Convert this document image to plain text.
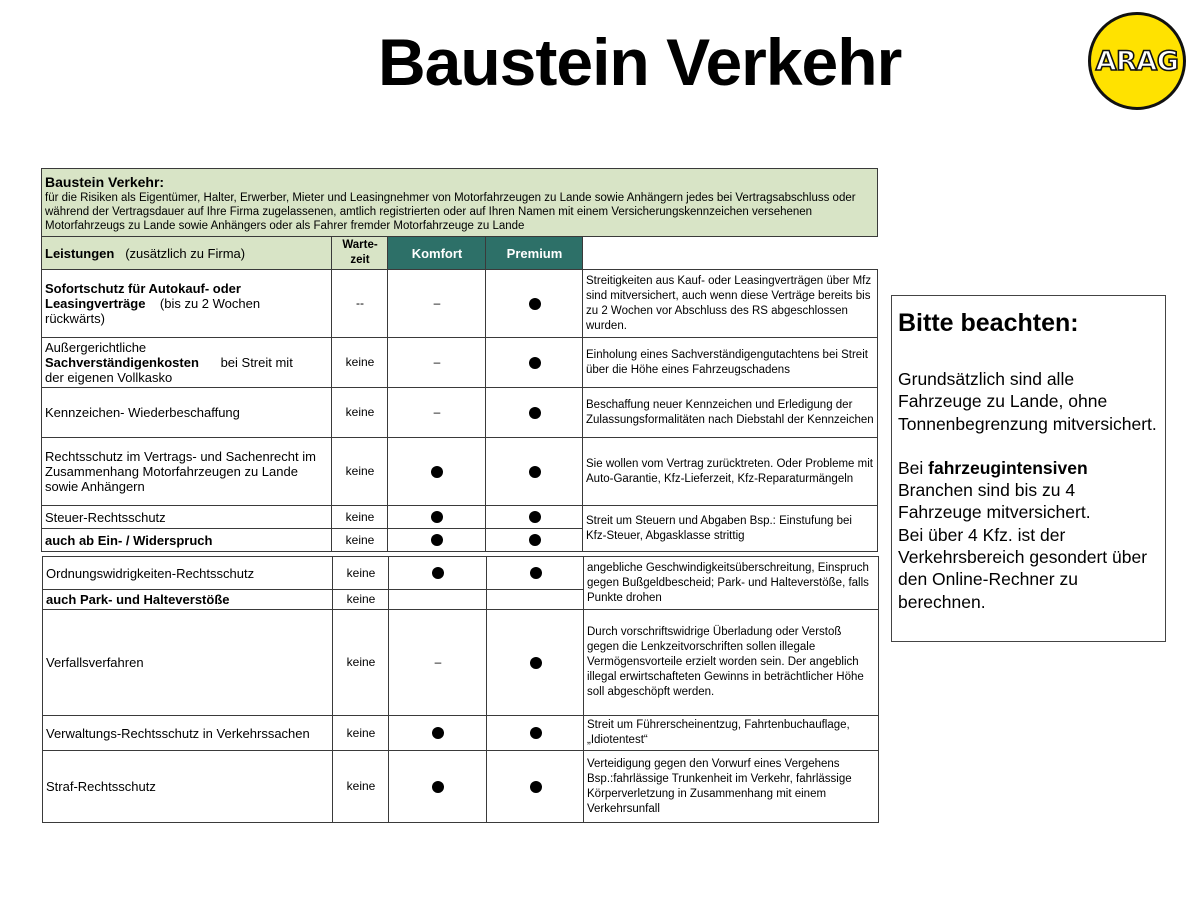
Baustein Verkehr	ARAG
Baustein Verkehr:
für die Risiken als Eigentümer, Halter, Erwerber, Mieter und Leasingnehmer von Motorfahrzeugen zu Lande sowie Anhängern jedes bei Vertragsabschluss oder während der Vertragsdauer auf Ihre Firma zugelassenen, amtlich registrierten oder auf Ihren Namen mit einem Versicherungskennzeichen versehenen Motorfahrzeugs zu Lande sowie Anhängers oder als Fahrer fremder Motorfahrzeuge zu Lande				
Leistungen (zusätzlich zu Firma)	Warte-zeit	Komfort	Premium	
Sofortschutz für Autokauf- oder
Leasingverträge (bis zu 2 Wochen
rückwärts)	--	–		Streitigkeiten aus Kauf- oder Leasingverträgen über Mfz sind mitversichert, auch wenn diese Verträge bereits bis zu 2 Wochen vor Abschluss des RS abgeschlossen wurden.
Außergerichtliche
Sachverständigenkosten bei Streit mit
der eigenen Vollkasko	keine	–		Einholung eines Sachverständigengutachtens bei Streit über die Höhe eines Fahrzeugschadens
Kennzeichen- Wiederbeschaffung	keine	–		Beschaffung neuer Kennzeichen und Erledigung der Zulassungsformalitäten nach Diebstahl der Kennzeichen
Rechtsschutz im Vertrags- und Sachenrecht im Zusammenhang Motorfahrzeugen zu Lande sowie Anhängern	keine			Sie wollen vom Vertrag zurücktreten. Oder Probleme mit Auto-Garantie, Kfz-Lieferzeit, Kfz-Reparaturmängeln
Steuer-Rechtsschutz	keine			Streit um Steuern und Abgaben Bsp.: Einstufung bei Kfz-Steuer, Abgasklasse strittig
auch ab Ein- / Widerspruch	keine			
Ordnungswidrigkeiten-Rechtsschutz	keine			angebliche Geschwindigkeitsüberschreitung, Einspruch gegen Bußgeldbescheid; Park- und Halteverstöße, falls Punkte drohen
auch Park- und Halteverstöße	keine			
Verfallsverfahren	keine	–		Durch vorschriftswidrige Überladung oder Verstoß gegen die Lenkzeitvorschriften sollen illegale Vermögensvorteile erzielt worden sein. Der angeblich illegal erwirtschafteten Gewinns in beträchtlicher Höhe soll abgeschöpft werden.
Verwaltungs-Rechtsschutz in Verkehrssachen	keine			Streit um Führerscheinentzug, Fahrtenbuchauflage, „Idiotentest“
Straf-Rechtsschutz	keine			Verteidigung gegen den Vorwurf eines Vergehens Bsp.:fahrlässige Trunkenheit im Verkehr, fahrlässige Körperverletzung in Zusammenhang mit einem Verkehrsunfall
Bitte beachten:

Grundsätzlich sind alle Fahrzeuge zu Lande, ohne Tonnenbegrenzung mitversichert.

Bei fahrzeugintensiven Branchen sind bis zu 4 Fahrzeuge mitversichert.
Bei über 4 Kfz. ist der Verkehrsbereich gesondert über den Online-Rechner zu berechnen.
